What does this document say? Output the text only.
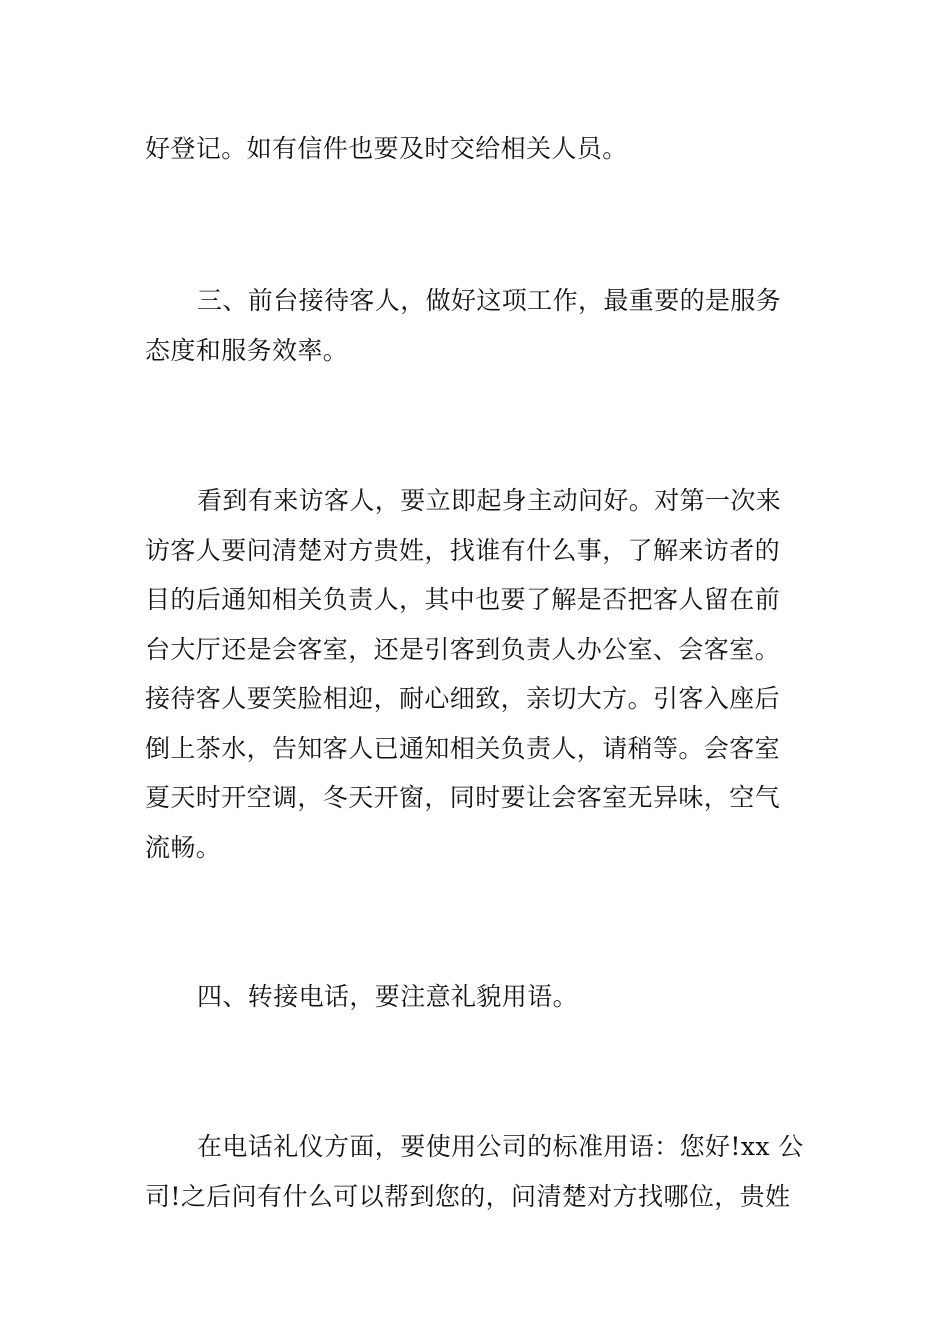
好登记。如有信件也要及时交给相关人员。
三、前台接待客人，做好这项工作，最重要的是服务
态度和服务效率。
看到有来访客人，要立即起身主动问好。对第一次来
访客人要问清楚对方贵姓，找谁有什么事，了解来访者的
目的后通知相关负责人，其中也要了解是否把客人留在前
台大厅还是会客室，还是引客到负责人办公室、会客室。
接待客人要笑脸相迎，耐心细致，亲切大方。引客入座后
倒上茶水，告知客人已通知相关负责人，请稍等。会客室
夏天时开空调，冬天开窗，同时要让会客室无异味，空气
流畅。
四、转接电话，要注意礼貌用语。
在电话礼仪方面，要使用公司的标准用语：您好!xx 公
司!之后问有什么可以帮到您的，问清楚对方找哪位，贵姓
